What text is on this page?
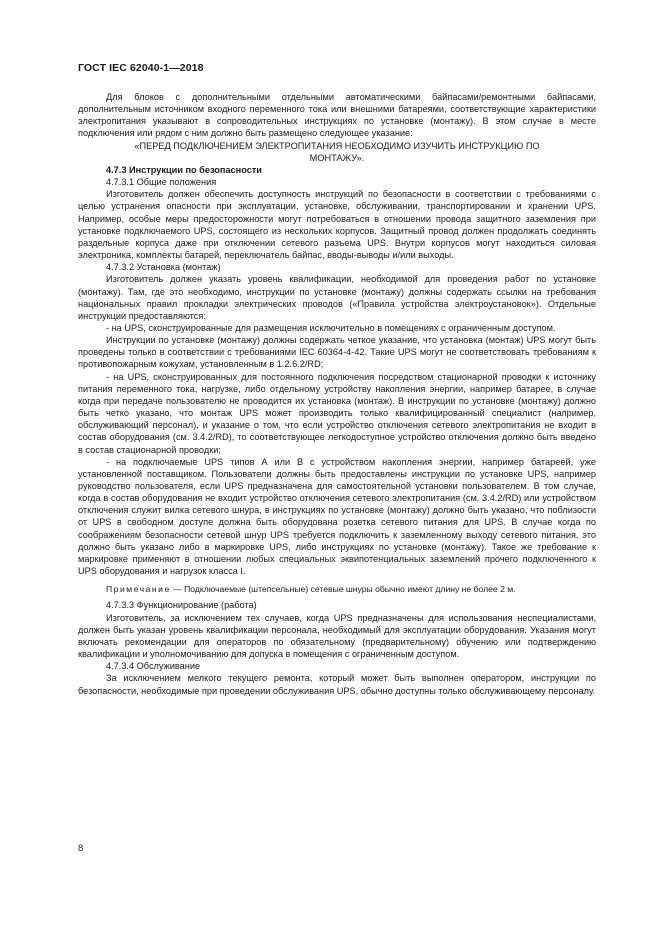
ГОСТ IEC 62040-1—2018

Для блоков с дополнительными отдельными автоматическими байпасами/ремонтными байпасами, дополнительным источником входного переменного тока или внешними батареями, соответствующие характеристики электропитания указывают в сопроводительных инструкциях по установке (монтажу). В этом случае в месте подключения или рядом с ним должно быть размещено следующее указание:

«ПЕРЕД ПОДКЛЮЧЕНИЕМ ЭЛЕКТРОПИТАНИЯ НЕОБХОДИМО ИЗУЧИТЬ ИНСТРУКЦИЮ ПО МОНТАЖУ».

4.7.3 Инструкции по безопасности

4.7.3.1 Общие положения

Изготовитель должен обеспечить доступность инструкций по безопасности в соответствии с требованиями с целью устранения опасности при эксплуатации, установке, обслуживании, транспортировании и хранении UPS. Например, особые меры предосторожности могут потребоваться в отношении провода защитного заземления при установке подключаемого UPS, состоящего из нескольких корпусов. Защитный провод должен продолжать соединять раздельные корпуса даже при отключении сетевого разъема UPS. Внутри корпусов могут находиться силовая электроника, комплекты батарей, переключатель байпас, вводы-выводы и/или выходы.

4.7.3.2 Установка (монтаж)

Изготовитель должен указать уровень квалификации, необходимой для проведения работ по установке (монтажу). Там, где это необходимо, инструкции по установке (монтажу) должны содержать ссылки на требования национальных правил прокладки электрических проводов («Правила устройства электроустановок»). Отдельные инструкции предоставляются:

- на UPS, сконструированные для размещения исключительно в помещениях с ограниченным доступом.

Инструкции по установке (монтажу) должны содержать четкое указание, что установка (монтаж) UPS могут быть проведены только в соответствии с требованиями IEC 60364-4-42. Такие UPS могут не соответствовать требованиям к противопожарным кожухам, установленным в 1.2.6.2/RD;

- на UPS, сконструированных для постоянного подключения посредством стационарной проводки к источнику питания переменного тока, нагрузке, либо отдельному устройству накопления энергии, например батарее, в случае когда при передаче пользователю не проводится их установка (монтаж). В инструкции по установке (монтажу) должно быть четко указано, что монтаж UPS может производить только квалифицированный специалист (например, обслуживающий персонал), и указание о том, что если устройство отключения сетевого электропитания не входит в состав оборудования (см. 3.4.2/RD), то соответствующее легкодоступное устройство отключения должно быть введено в состав стационарной проводки;

- на подключаемые UPS типов А или В с устройством накопления энергии, например батареей, уже установленной поставщиком. Пользователи должны быть предоставлены инструкции по установке UPS, например руководство пользователя, если UPS предназначена для самостоятельной установки пользователем. В том случае, когда в состав оборудования не входит устройство отключения сетевого электропитания (см. 3.4.2/RD) или устройством отключения служит вилка сетевого шнура, в инструкциях по установке (монтажу) должно быть указано, что поблизости от UPS в свободном доступе должна быть оборудована розетка сетевого питания для UPS. В случае когда по соображениям безопасности сетевой шнур UPS требуется подключить к заземленному выходу сетевого питания, это должно быть указано либо в маркировке UPS, либо инструкциях по установке (монтажу). Такое же требование к маркировке применяют в отношении любых специальных эквипотенциальных заземлений прочего подключенного к UPS оборудования и нагрузок класса I.

Примечание — Подключаемые (штепсельные) сетевые шнуры обычно имеют длину не более 2 м.

4.7.3.3 Функционирование (работа)

Изготовитель, за исключением тех случаев, когда UPS предназначены для использования неспециалистами, должен быть указан уровень квалификации персонала, необходимый для эксплуатации оборудования. Указания могут включать рекомендации для операторов по обязательному (предварительному) обучению или подтверждению квалификации и уполномочиванию для допуска в помещения с ограниченным доступом.

4.7.3.4 Обслуживание

За исключением мелкого текущего ремонта, который может быть выполнен оператором, инструкции по безопасности, необходимые при проведении обслуживания UPS, обычно доступны только обслуживающему персоналу.

8
